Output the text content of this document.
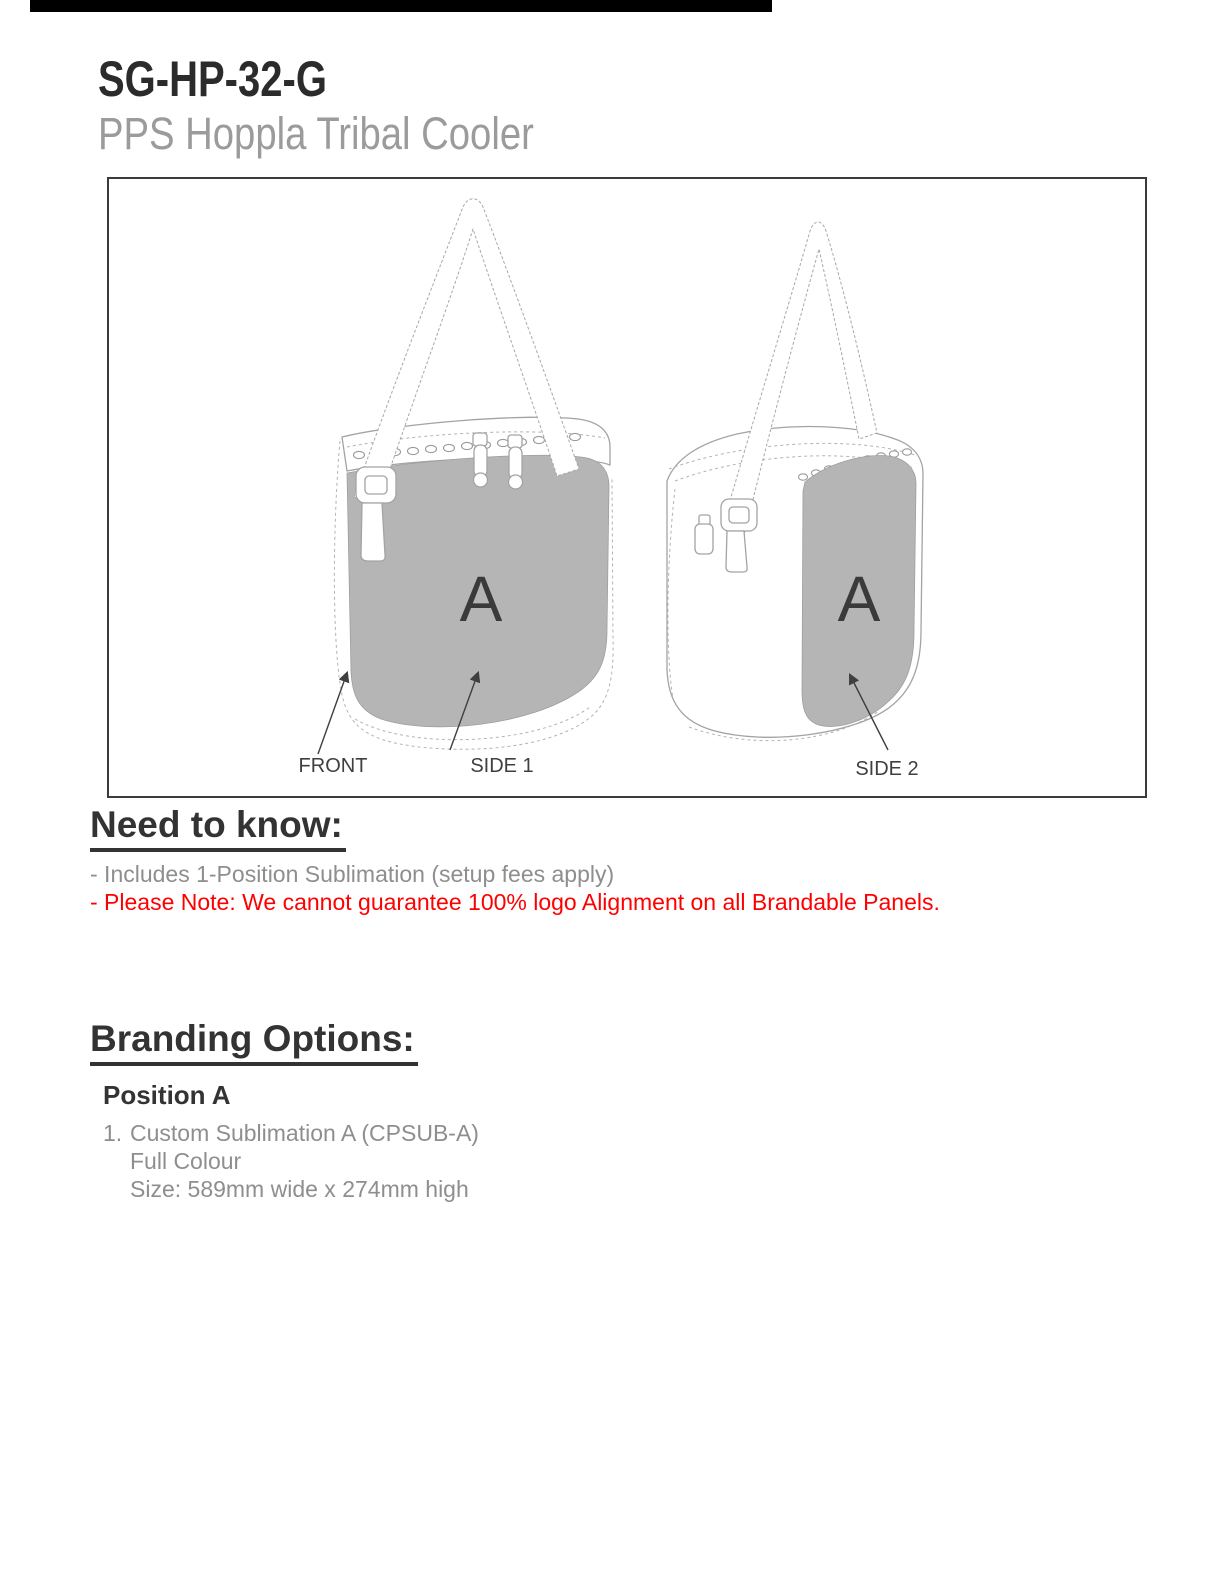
SG-HP-32-G
PPS Hoppla Tribal Cooler
A	A
FRONT	SIDE 1	SIDE 2
Need to know:

- Includes 1-Position Sublimation (setup fees apply)

- Please Note: We cannot guarantee 100% logo Alignment on all Brandable Panels.

Branding Options:
Position A
1. Custom Sublimation A (CPSUB-A)
Full Colour
Size: 589mm wide x 274mm high
